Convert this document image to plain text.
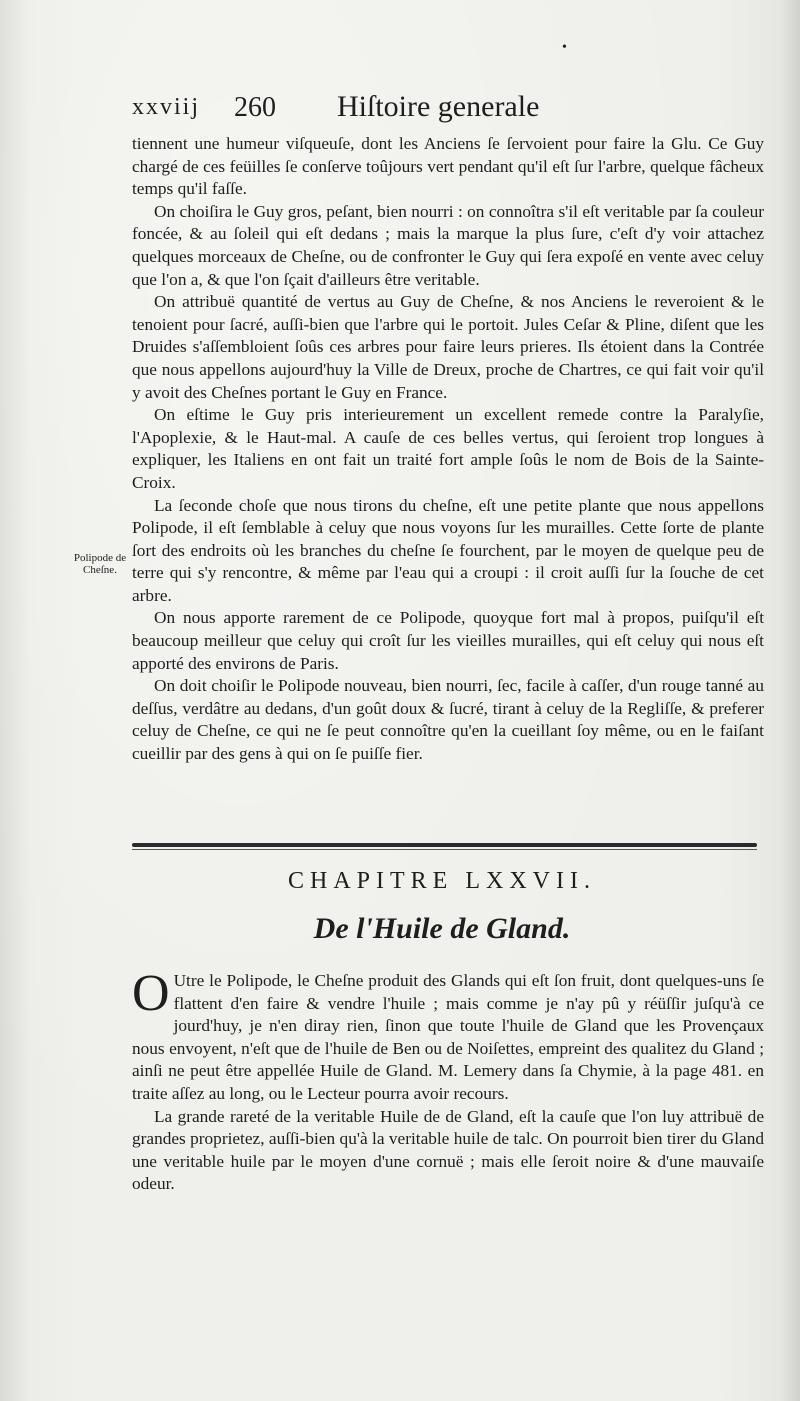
•
xxviij 260 Hiſtoire generale

tiennent une humeur viſqueuſe, dont les Anciens ſe ſervoient pour faire la Glu. Ce Guy chargé de ces feüilles ſe conſerve toûjours vert pendant qu'il eſt ſur l'arbre, quelque fâcheux temps qu'il faſſe.

On choiſira le Guy gros, peſant, bien nourri : on connoîtra s'il eſt veritable par ſa couleur foncée, & au ſoleil qui eſt dedans ; mais la marque la plus ſure, c'eſt d'y voir attachez quelques morceaux de Cheſne, ou de confronter le Guy qui ſera expoſé en vente avec celuy que l'on a, & que l'on ſçait d'ailleurs être veritable.

On attribuë quantité de vertus au Guy de Cheſne, & nos Anciens le reveroient & le tenoient pour ſacré, auſſi-bien que l'arbre qui le portoit. Jules Ceſar & Pline, diſent que les Druides s'aſſembloient ſoûs ces arbres pour faire leurs prieres. Ils étoient dans la Contrée que nous appellons aujourd'huy la Ville de Dreux, proche de Chartres, ce qui fait voir qu'il y avoit des Cheſnes portant le Guy en France.

On eſtime le Guy pris interieurement un excellent remede contre la Paralyſie, l'Apoplexie, & le Haut-mal. A cauſe de ces belles vertus, qui ſeroient trop longues à expliquer, les Italiens en ont fait un traité fort ample ſoûs le nom de Bois de la Sainte-Croix.

La ſeconde choſe que nous tirons du cheſne, eſt une petite plante que nous appellons Polipode, il eſt ſemblable à celuy que nous voyons ſur les murailles. Cette ſorte de plante ſort des endroits où les branches du cheſne ſe fourchent, par le moyen de quelque peu de terre qui s'y rencontre, & même par l'eau qui a croupi : il croit auſſi ſur la ſouche de cet arbre.

On nous apporte rarement de ce Polipode, quoyque fort mal à propos, puiſqu'il eſt beaucoup meilleur que celuy qui croît ſur les vieilles murailles, qui eſt celuy qui nous eſt apporté des environs de Paris.

On doit choiſir le Polipode nouveau, bien nourri, ſec, facile à caſſer, d'un rouge tanné au deſſus, verdâtre au dedans, d'un goût doux & ſucré, tirant à celuy de la Regliſſe, & preferer celuy de Cheſne, ce qui ne ſe peut connoître qu'en la cueillant ſoy même, ou en le faiſant cueillir par des gens à qui on ſe puiſſe fier.

Polipode de Cheſne.
CHAPITRE LXXVII.
De l'Huile de Gland.

O Utre le Polipode, le Cheſne produit des Glands qui eſt ſon fruit, dont quelques-uns ſe flattent d'en faire & vendre l'huile ; mais comme je n'ay pû y réüſſir juſqu'à ce jourd'huy, je n'en diray rien, ſinon que toute l'huile de Gland que les Provençaux nous envoyent, n'eſt que de l'huile de Ben ou de Noiſettes, empreint des qualitez du Gland ; ainſi ne peut être appellée Huile de Gland. M. Lemery dans ſa Chymie, à la page 481. en traite aſſez au long, ou le Lecteur pourra avoir recours.

La grande rareté de la veritable Huile de de Gland, eſt la cauſe que l'on luy attribuë de grandes proprietez, auſſi-bien qu'à la veritable huile de talc. On pourroit bien tirer du Gland une veritable huile par le moyen d'une cornuë ; mais elle ſeroit noire & d'une mauvaiſe odeur.
